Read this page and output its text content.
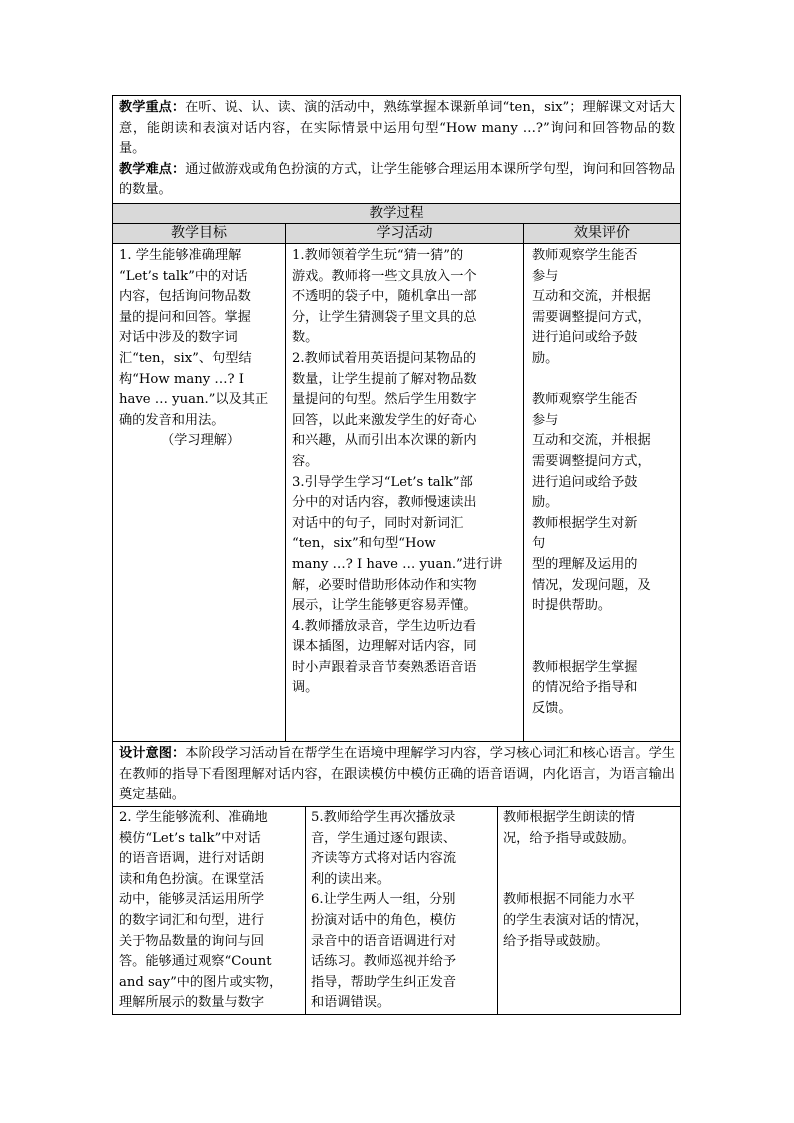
教学重点：在听、说、认、读、演的活动中，熟练掌握本课新单词“ten，six”；理解课文对话大意，能朗读和表演对话内容，在实际情景中运用句型“How many …?”询问和回答物品的数量。

教学难点：通过做游戏或角色扮演的方式，让学生能够合理运用本课所学句型，询问和回答物品的数量。

教学过程
教学目标	学习活动	效果评价

1. 学生能够准确理解

“Let’s talk”中的对话

内容，包括询问物品数

量的提问和回答。掌握

对话中涉及的数字词

汇“ten，six”、句型结

构“How many …? I

have … yuan.”以及其正

确的发音和用法。

（学习理解）

1.教师领着学生玩“猜一猜”的

游戏。教师将一些文具放入一个

不透明的袋子中，随机拿出一部

分，让学生猜测袋子里文具的总

数。

2.教师试着用英语提问某物品的

数量，让学生提前了解对物品数

量提问的句型。然后学生用数字

回答，以此来激发学生的好奇心

和兴趣，从而引出本次课的新内

容。

3.引导学生学习“Let’s talk”部

分中的对话内容，教师慢速读出

对话中的句子，同时对新词汇

“ten，six”和句型“How

many …? I have … yuan.”进行讲

解，必要时借助形体动作和实物

展示，让学生能够更容易弄懂。

4.教师播放录音，学生边听边看

课本插图，边理解对话内容，同

时小声跟着录音节奏熟悉语音语

调。

教师观察学生能否

参与

互动和交流，并根据

需要调整提问方式，

进行追问或给予鼓

励。

教师观察学生能否

参与

互动和交流，并根据

需要调整提问方式，

进行追问或给予鼓

励。

教师根据学生对新

句

型的理解及运用的

情况，发现问题，及

时提供帮助。

教师根据学生掌握

的情况给予指导和

反馈。

设计意图：本阶段学习活动旨在帮学生在语境中理解学习内容，学习核心词汇和核心语言。学生在教师的指导下看图理解对话内容，在跟读模仿中模仿正确的语音语调，内化语言，为语言输出奠定基础。

2. 学生能够流利、准确地

模仿“Let’s talk”中对话

的语音语调，进行对话朗

读和角色扮演。在课堂活

动中，能够灵活运用所学

的数字词汇和句型，进行

关于物品数量的询问与回

答。能够通过观察“Count

and say”中的图片或实物，

理解所展示的数量与数字

5.教师给学生再次播放录

音，学生通过逐句跟读、

齐读等方式将对话内容流

利的读出来。

6.让学生两人一组，分别

扮演对话中的角色，模仿

录音中的语音语调进行对

话练习。教师巡视并给予

指导，帮助学生纠正发音

和语调错误。

教师根据学生朗读的情

况，给予指导或鼓励。

教师根据不同能力水平

的学生表演对话的情况，

给予指导或鼓励。
